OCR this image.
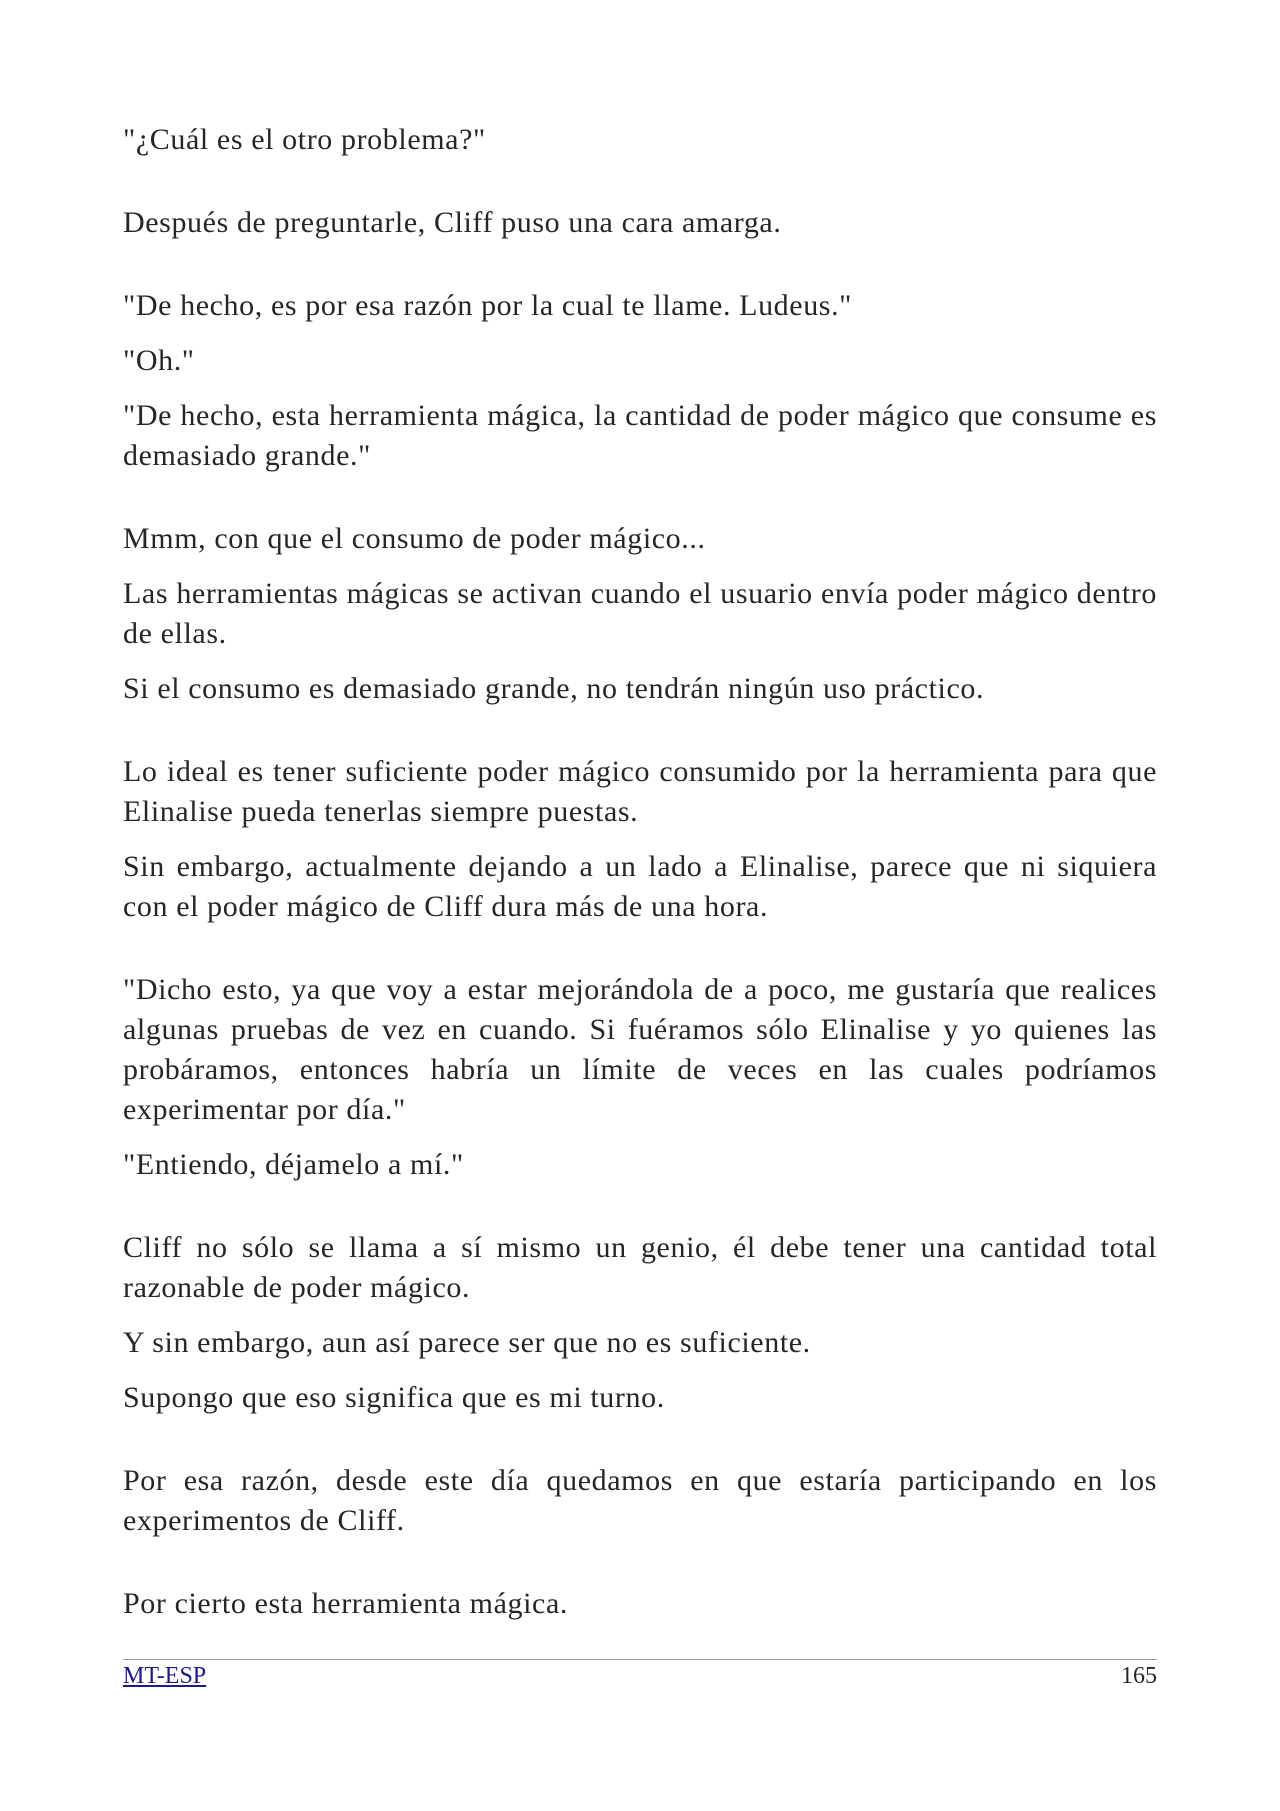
"¿Cuál es el otro problema?"

Después de preguntarle, Cliff puso una cara amarga.

"De hecho, es por esa razón por la cual te llame. Ludeus."

"Oh."

"De hecho, esta herramienta mágica, la cantidad de poder mágico que consume es demasiado grande."

Mmm, con que el consumo de poder mágico...

Las herramientas mágicas se activan cuando el usuario envía poder mágico dentro de ellas.

Si el consumo es demasiado grande, no tendrán ningún uso práctico.

Lo ideal es tener suficiente poder mágico consumido por la herramienta para que Elinalise pueda tenerlas siempre puestas.

Sin embargo, actualmente dejando a un lado a Elinalise, parece que ni siquiera con el poder mágico de Cliff dura más de una hora.

"Dicho esto, ya que voy a estar mejorándola de a poco, me gustaría que realices algunas pruebas de vez en cuando. Si fuéramos sólo Elinalise y yo quienes las probáramos, entonces habría un límite de veces en las cuales podríamos experimentar por día."

"Entiendo, déjamelo a mí."

Cliff no sólo se llama a sí mismo un genio, él debe tener una cantidad total razonable de poder mágico.

Y sin embargo, aun así parece ser que no es suficiente.

Supongo que eso significa que es mi turno.

Por esa razón, desde este día quedamos en que estaría participando en los experimentos de Cliff.

Por cierto esta herramienta mágica.

MT-ESP	165
